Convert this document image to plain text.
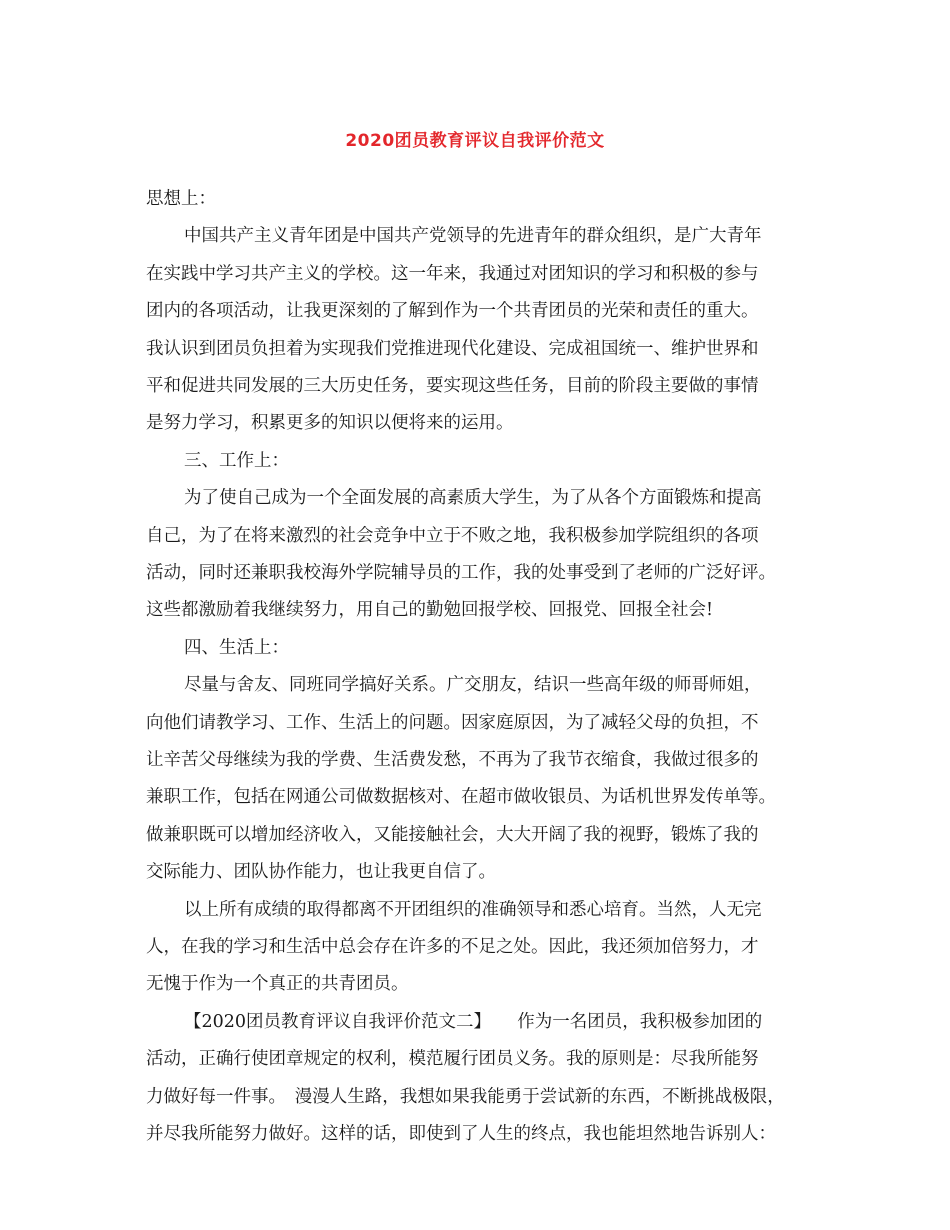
2020团员教育评议自我评价范文

思想上：

中国共产主义青年团是中国共产党领导的先进青年的群众组织，是广大青年

在实践中学习共产主义的学校。这一年来，我通过对团知识的学习和积极的参与

团内的各项活动，让我更深刻的了解到作为一个共青团员的光荣和责任的重大。

我认识到团员负担着为实现我们党推进现代化建设、完成祖国统一、维护世界和

平和促进共同发展的三大历史任务，要实现这些任务，目前的阶段主要做的事情

是努力学习，积累更多的知识以便将来的运用。

三、工作上：

为了使自己成为一个全面发展的高素质大学生，为了从各个方面锻炼和提高

自己，为了在将来激烈的社会竞争中立于不败之地，我积极参加学院组织的各项

活动，同时还兼职我校海外学院辅导员的工作，我的处事受到了老师的广泛好评。

这些都激励着我继续努力，用自己的勤勉回报学校、回报党、回报全社会!

四、生活上：

尽量与舍友、同班同学搞好关系。广交朋友，结识一些高年级的师哥师姐，

向他们请教学习、工作、生活上的问题。因家庭原因，为了减轻父母的负担，不

让辛苦父母继续为我的学费、生活费发愁，不再为了我节衣缩食，我做过很多的

兼职工作，包括在网通公司做数据核对、在超市做收银员、为话机世界发传单等。

做兼职既可以增加经济收入，又能接触社会，大大开阔了我的视野，锻炼了我的

交际能力、团队协作能力，也让我更自信了。

以上所有成绩的取得都离不开团组织的准确领导和悉心培育。当然，人无完

人，在我的学习和生活中总会存在许多的不足之处。因此，我还须加倍努力，才

无愧于作为一个真正的共青团员。

【2020团员教育评议自我评价范文二】　　作为一名团员，我积极参加团的

活动，正确行使团章规定的权利，模范履行团员义务。我的原则是：尽我所能努

力做好每一件事。　漫漫人生路，我想如果我能勇于尝试新的东西，不断挑战极限，

并尽我所能努力做好。这样的话，即使到了人生的终点，我也能坦然地告诉别人：
